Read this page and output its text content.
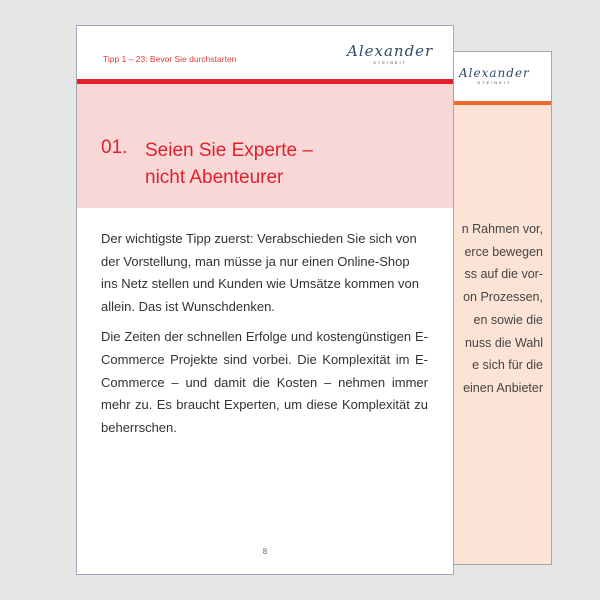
Alexander
STEINEIT
n Rahmen vor,
erce bewegen
ss auf die vor-
on Prozessen,
en sowie die
nuss die Wahl
e sich für die
einen Anbieter
Tipp 1 – 23: Bevor Sie durchstarten	Alexander
STEINEIT
01. Seien Sie Experte –
nicht Abenteurer

Der wichtigste Tipp zuerst: Verabschieden Sie sich von der Vorstellung, man müsse ja nur einen Online-Shop ins Netz stellen und Kunden wie Umsätze kommen von allein. Das ist Wunschdenken.

Die Zeiten der schnellen Erfolge und kostengünstigen E-Commerce Projekte sind vorbei. Die Komplexität im E-Commerce – und damit die Kosten – nehmen immer mehr zu. Es braucht Experten, um diese Komplexität zu beherrschen.

8
